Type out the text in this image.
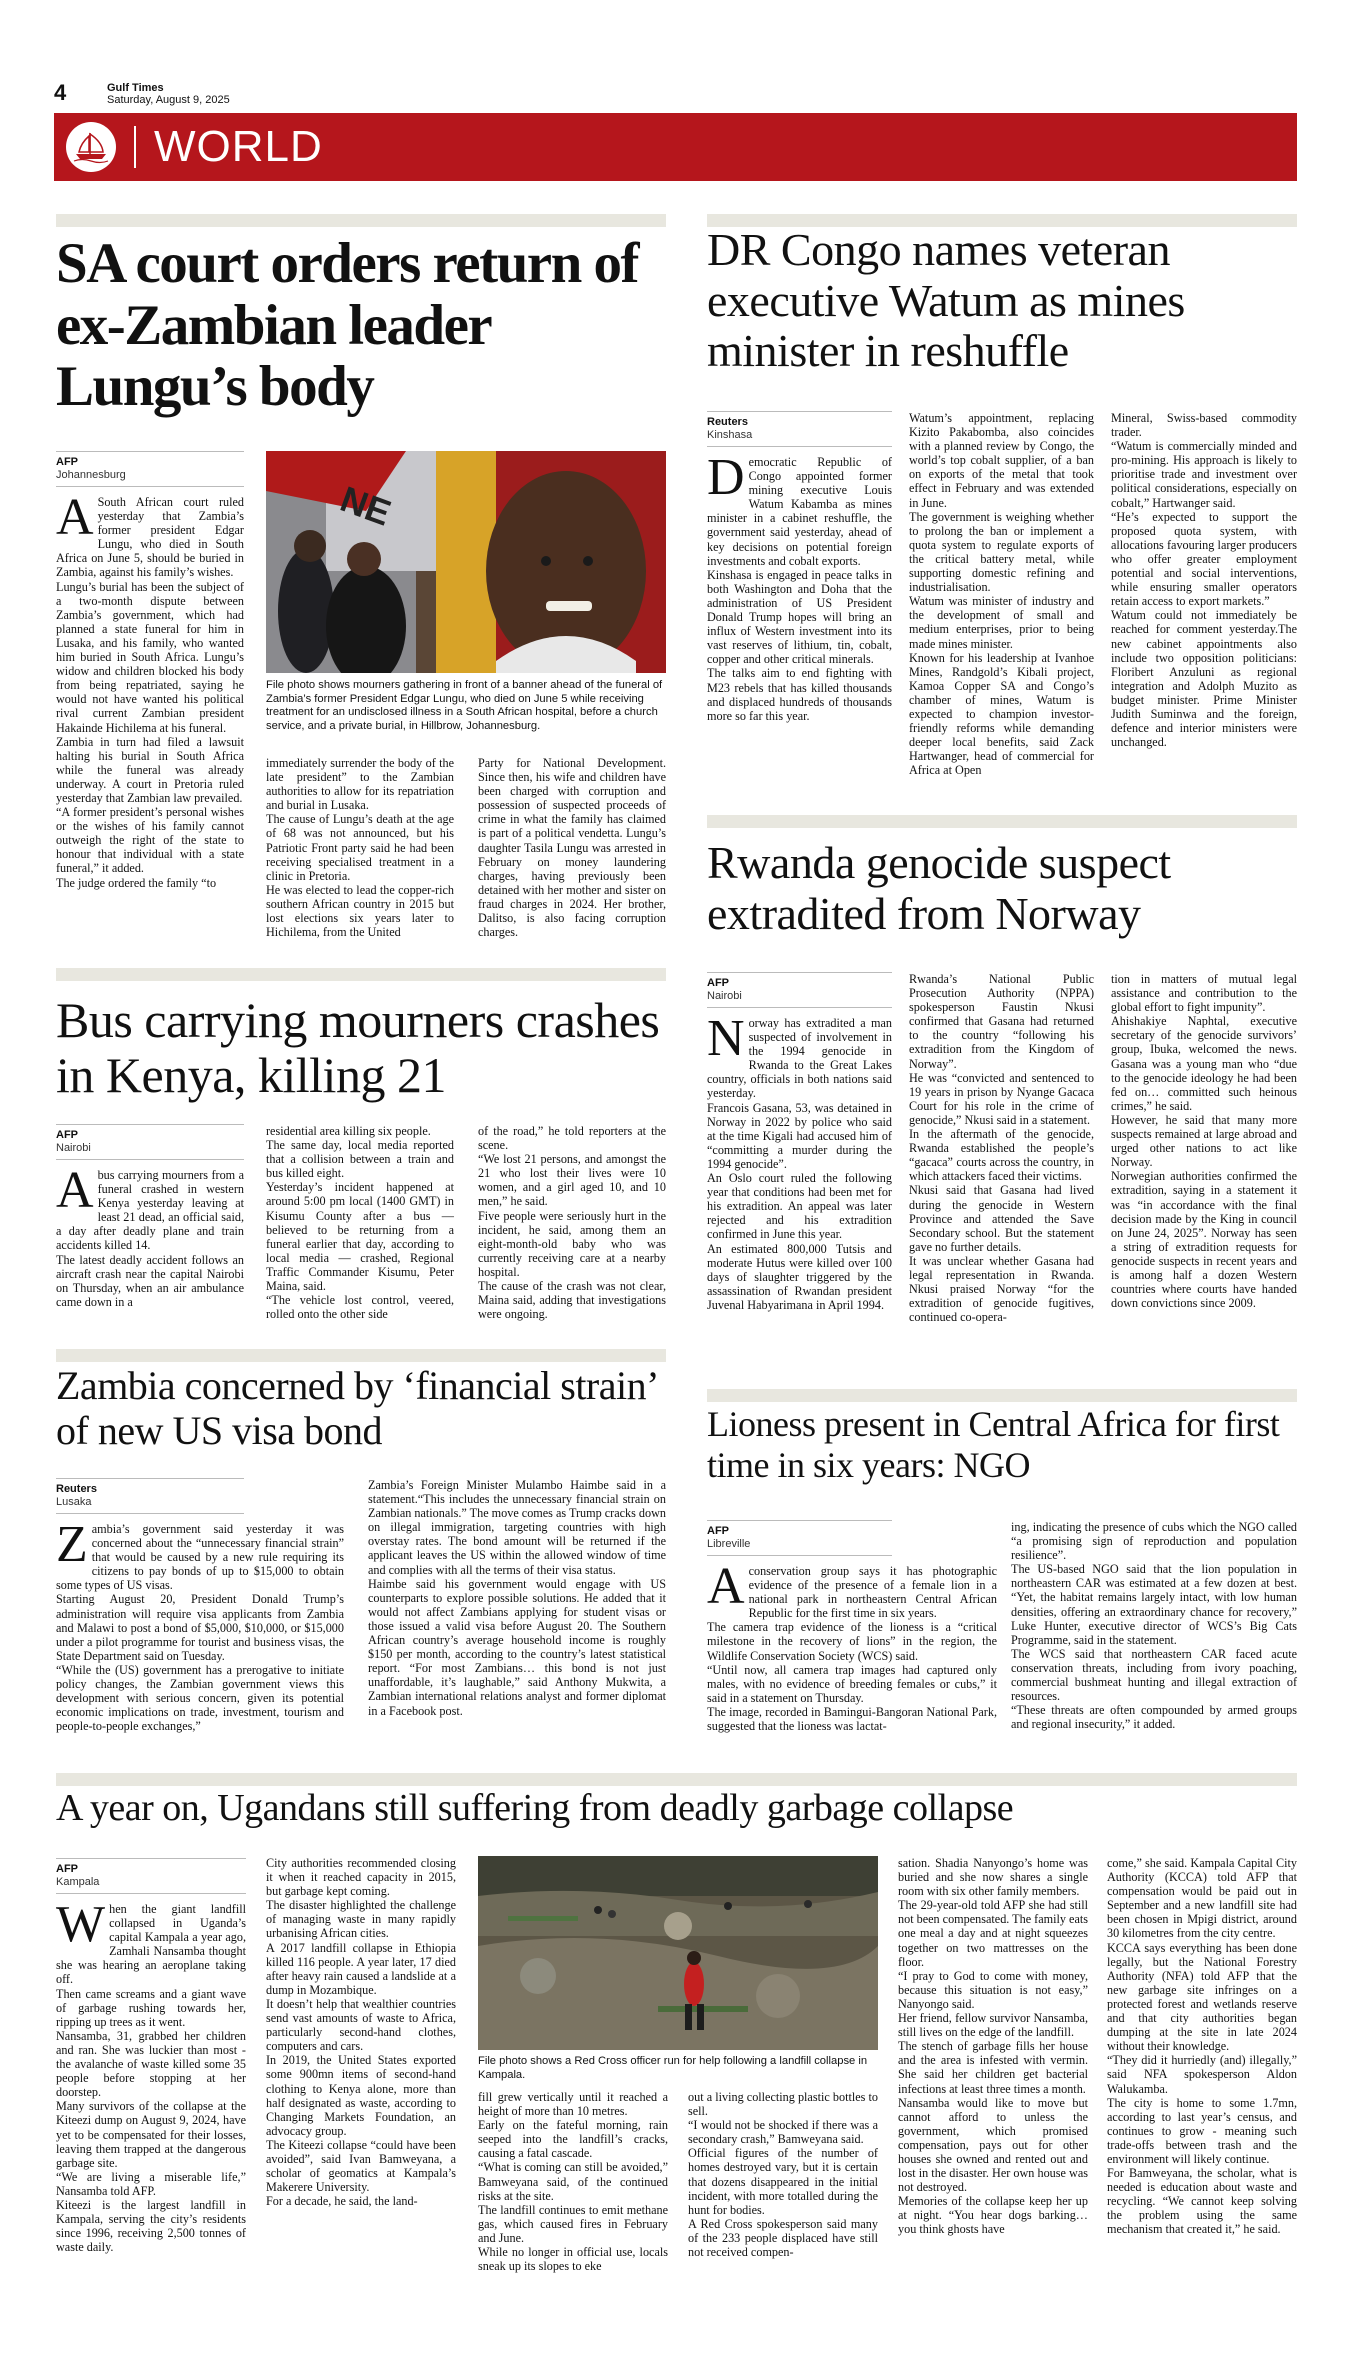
4	Gulf Times
Saturday, August 9, 2025
WORLD
SA court orders return of ex-Zambian leader Lungu’s body
AFP
Johannesburg

ASouth African court ruled yesterday that Zambia’s former president Edgar Lungu, who died in South Africa on June 5, should be buried in Zambia, against his family’s wishes.

Lungu’s burial has been the subject of a two-month dispute between Zambia’s government, which had planned a state funeral for him in Lusaka, and his family, who wanted him buried in South Africa. Lungu’s widow and children blocked his body from being repatriated, saying he would not have wanted his political rival current Zambian president Hakainde Hichilema at his funeral.

Zambia in turn had filed a lawsuit halting his burial in South Africa while the funeral was already underway. A court in Pretoria ruled yesterday that Zambian law prevailed.

“A former president’s personal wishes or the wishes of his family cannot outweigh the right of the state to honour that individual with a state funeral,” it added.

The judge ordered the family “to

NE
File photo shows mourners gathering in front of a banner ahead of the funeral of Zambia’s former President Edgar Lungu, who died on June 5 while receiving treatment for an undisclosed illness in a South African hospital, before a church service, and a private burial, in Hillbrow, Johannesburg.

immediately surrender the body of the late president” to the Zambian authorities to allow for its repatriation and burial in Lusaka.

The cause of Lungu’s death at the age of 68 was not announced, but his Patriotic Front party said he had been receiving specialised treatment in a clinic in Pretoria.

He was elected to lead the copper-rich southern African country in 2015 but lost elections six years later to Hichilema, from the United

Party for National Development. Since then, his wife and children have been charged with corruption and possession of suspected proceeds of crime in what the family has claimed is part of a political vendetta. Lungu’s daughter Tasila Lungu was arrested in February on money laundering charges, having previously been detained with her mother and sister on fraud charges in 2024. Her brother, Dalitso, is also facing corruption charges.

DR Congo names veteran executive Watum as mines minister in reshuffle
Reuters
Kinshasa

Democratic Republic of Congo appointed former mining executive Louis Watum Kabamba as mines minister in a cabinet reshuffle, the government said yesterday, ahead of key decisions on potential foreign investments and cobalt exports.

Kinshasa is engaged in peace talks in both Washington and Doha that the administration of US President Donald Trump hopes will bring an influx of Western investment into its vast reserves of lithium, tin, cobalt, copper and other critical minerals.

The talks aim to end fighting with M23 rebels that has killed thousands and displaced hundreds of thousands more so far this year.

Watum’s appointment, replacing Kizito Pakabomba, also coincides with a planned review by Congo, the world’s top cobalt supplier, of a ban on exports of the metal that took effect in February and was extended in June.

The government is weighing whether to prolong the ban or implement a quota system to regulate exports of the critical battery metal, while supporting domestic refining and industrialisation.

Watum was minister of industry and the development of small and medium enterprises, prior to being made mines minister.

Known for his leadership at Ivanhoe Mines, Randgold’s Kibali project, Kamoa Copper SA and Congo’s chamber of mines, Watum is expected to champion investor-friendly reforms while demanding deeper local benefits, said Zack Hartwanger, head of commercial for Africa at Open

Mineral, Swiss-based commodity trader.

“Watum is commercially minded and pro-mining. His approach is likely to prioritise trade and investment over political considerations, especially on cobalt,” Hartwanger said.

“He’s expected to support the proposed quota system, with allocations favouring larger producers who offer greater employment potential and social interventions, while ensuring smaller operators retain access to export markets.”

Watum could not immediately be reached for comment yesterday.The new cabinet appointments also include two opposition politicians: Floribert Anzuluni as regional integration and Adolph Muzito as budget minister. Prime Minister Judith Suminwa and the foreign, defence and interior ministers were unchanged.

Bus carrying mourners crashes in Kenya, killing 21
AFP
Nairobi

Abus carrying mourners from a funeral crashed in western Kenya yesterday leaving at least 21 dead, an official said, a day after deadly plane and train accidents killed 14.

The latest deadly accident follows an aircraft crash near the capital Nairobi on Thursday, when an air ambulance came down in a

residential area killing six people.

The same day, local media reported that a collision between a train and bus killed eight.

Yesterday’s incident happened at around 5:00 pm local (1400 GMT) in Kisumu County after a bus — believed to be returning from a funeral earlier that day, according to local media — crashed, Regional Traffic Commander Kisumu, Peter Maina, said.

“The vehicle lost control, veered, rolled onto the other side

of the road,” he told reporters at the scene.

“We lost 21 persons, and amongst the 21 who lost their lives were 10 women, and a girl aged 10, and 10 men,” he said.

Five people were seriously hurt in the incident, he said, among them an eight-month-old baby who was currently receiving care at a nearby hospital.

The cause of the crash was not clear, Maina said, adding that investigations were ongoing.

Rwanda genocide suspect extradited from Norway
AFP
Nairobi

Norway has extradited a man suspected of involvement in the 1994 genocide in Rwanda to the Great Lakes country, officials in both nations said yesterday.

Francois Gasana, 53, was detained in Norway in 2022 by police who said at the time Kigali had accused him of “committing a murder during the 1994 genocide”.

An Oslo court ruled the following year that conditions had been met for his extradition. An appeal was later rejected and his extradition confirmed in June this year.

An estimated 800,000 Tutsis and moderate Hutus were killed over 100 days of slaughter triggered by the assassination of Rwandan president Juvenal Habyarimana in April 1994.

Rwanda’s National Public Prosecution Authority (NPPA) spokesperson Faustin Nkusi confirmed that Gasana had returned to the country “following his extradition from the Kingdom of Norway”.

He was “convicted and sentenced to 19 years in prison by Nyange Gacaca Court for his role in the crime of genocide,” Nkusi said in a statement.

In the aftermath of the genocide, Rwanda established the people’s “gacaca” courts across the country, in which attackers faced their victims.

Nkusi said that Gasana had lived during the genocide in Western Province and attended the Save Secondary school. But the statement gave no further details.

It was unclear whether Gasana had legal representation in Rwanda. Nkusi praised Norway “for the extradition of genocide fugitives, continued co-opera-

tion in matters of mutual legal assistance and contribution to the global effort to fight impunity”.

Ahishakiye Naphtal, executive secretary of the genocide survivors’ group, Ibuka, welcomed the news. Gasana was a young man who “due to the genocide ideology he had been fed on… committed such heinous crimes,” he said.

However, he said that many more suspects remained at large abroad and urged other nations to act like Norway.

Norwegian authorities confirmed the extradition, saying in a statement it was “in accordance with the final decision made by the King in council on June 24, 2025”. Norway has seen a string of extradition requests for genocide suspects in recent years and is among half a dozen Western countries where courts have handed down convictions since 2009.

Zambia concerned by ‘financial strain’ of new US visa bond
Reuters
Lusaka

Zambia’s government said yesterday it was concerned about the “unnecessary financial strain” that would be caused by a new rule requiring its citizens to pay bonds of up to $15,000 to obtain some types of US visas.

Starting August 20, President Donald Trump’s administration will require visa applicants from Zambia and Malawi to post a bond of $5,000, $10,000, or $15,000 under a pilot programme for tourist and business visas, the State Department said on Tuesday.

“While the (US) government has a prerogative to initiate policy changes, the Zambian government views this development with serious concern, given its potential economic implications on trade, investment, tourism and people-to-people exchanges,”

Zambia’s Foreign Minister Mulambo Haimbe said in a statement.“This includes the unnecessary financial strain on Zambian nationals.” The move comes as Trump cracks down on illegal immigration, targeting countries with high overstay rates. The bond amount will be returned if the applicant leaves the US within the allowed window of time and complies with all the terms of their visa status.

Haimbe said his government would engage with US counterparts to explore possible solutions. He added that it would not affect Zambians applying for student visas or those issued a valid visa before August 20. The Southern African country’s average household income is roughly $150 per month, according to the country’s latest statistical report. “For most Zambians… this bond is not just unaffordable, it’s laughable,” said Anthony Mukwita, a Zambian international relations analyst and former diplomat in a Facebook post.

Lioness present in Central Africa for first time in six years: NGO
AFP
Libreville

Aconservation group says it has photographic evidence of the presence of a female lion in a national park in northeastern Central African Republic for the first time in six years.

The camera trap evidence of the lioness is a “critical milestone in the recovery of lions” in the region, the Wildlife Conservation Society (WCS) said.

“Until now, all camera trap images had captured only males, with no evidence of breeding females or cubs,” it said in a statement on Thursday.

The image, recorded in Bamingui-Bangoran National Park, suggested that the lioness was lactat-

ing, indicating the presence of cubs which the NGO called “a promising sign of reproduction and population resilience”.

The US-based NGO said that the lion population in northeastern CAR was estimated at a few dozen at best. “Yet, the habitat remains largely intact, with low human densities, offering an extraordinary chance for recovery,” Luke Hunter, executive director of WCS’s Big Cats Programme, said in the statement.

The WCS said that northeastern CAR faced acute conservation threats, including from ivory poaching, commercial bushmeat hunting and illegal extraction of resources.

“These threats are often compounded by armed groups and regional insecurity,” it added.

A year on, Ugandans still suffering from deadly garbage collapse
AFP
Kampala

When the giant landfill collapsed in Uganda’s capital Kampala a year ago, Zamhali Nansamba thought she was hearing an aeroplane taking off.

Then came screams and a giant wave of garbage rushing towards her, ripping up trees as it went.

Nansamba, 31, grabbed her children and ran. She was luckier than most - the avalanche of waste killed some 35 people before stopping at her doorstep.

Many survivors of the collapse at the Kiteezi dump on August 9, 2024, have yet to be compensated for their losses, leaving them trapped at the dangerous garbage site.

“We are living a miserable life,” Nansamba told AFP.

Kiteezi is the largest landfill in Kampala, serving the city’s residents since 1996, receiving 2,500 tonnes of waste daily.

City authorities recommended closing it when it reached capacity in 2015, but garbage kept coming.

The disaster highlighted the challenge of managing waste in many rapidly urbanising African cities.

A 2017 landfill collapse in Ethiopia killed 116 people. A year later, 17 died after heavy rain caused a landslide at a dump in Mozambique.

It doesn’t help that wealthier countries send vast amounts of waste to Africa, particularly second-hand clothes, computers and cars.

In 2019, the United States exported some 900mn items of second-hand clothing to Kenya alone, more than half designated as waste, according to Changing Markets Foundation, an advocacy group.

The Kiteezi collapse “could have been avoided”, said Ivan Bamweyana, a scholar of geomatics at Kampala’s Makerere University.

For a decade, he said, the land-

File photo shows a Red Cross officer run for help following a landfill collapse in Kampala.

fill grew vertically until it reached a height of more than 10 metres.

Early on the fateful morning, rain seeped into the landfill’s cracks, causing a fatal cascade.

“What is coming can still be avoided,” Bamweyana said, of the continued risks at the site.

The landfill continues to emit methane gas, which caused fires in February and June.

While no longer in official use, locals sneak up its slopes to eke

out a living collecting plastic bottles to sell.

“I would not be shocked if there was a secondary crash,” Bamweyana said.

Official figures of the number of homes destroyed vary, but it is certain that dozens disappeared in the initial incident, with more totalled during the hunt for bodies.

A Red Cross spokesperson said many of the 233 people displaced have still not received compen-

sation. Shadia Nanyongo’s home was buried and she now shares a single room with six other family members.

The 29-year-old told AFP she had still not been compensated. The family eats one meal a day and at night squeezes together on two mattresses on the floor.

“I pray to God to come with money, because this situation is not easy,” Nanyongo said.

Her friend, fellow survivor Nansamba, still lives on the edge of the landfill.

The stench of garbage fills her house and the area is infested with vermin. She said her children get bacterial infections at least three times a month.

Nansamba would like to move but cannot afford to unless the government, which promised compensation, pays out for other houses she owned and rented out and lost in the disaster. Her own house was not destroyed.

Memories of the collapse keep her up at night. “You hear dogs barking… you think ghosts have

come,” she said. Kampala Capital City Authority (KCCA) told AFP that compensation would be paid out in September and a new landfill site had been chosen in Mpigi district, around 30 kilometres from the city centre.

KCCA says everything has been done legally, but the National Forestry Authority (NFA) told AFP that the new garbage site infringes on a protected forest and wetlands reserve and that city authorities began dumping at the site in late 2024 without their knowledge.

“They did it hurriedly (and) illegally,” said NFA spokesperson Aldon Walukamba.

The city is home to some 1.7mn, according to last year’s census, and continues to grow - meaning such trade-offs between trash and the environment will likely continue.

For Bamweyana, the scholar, what is needed is education about waste and recycling. “We cannot keep solving the problem using the same mechanism that created it,” he said.
